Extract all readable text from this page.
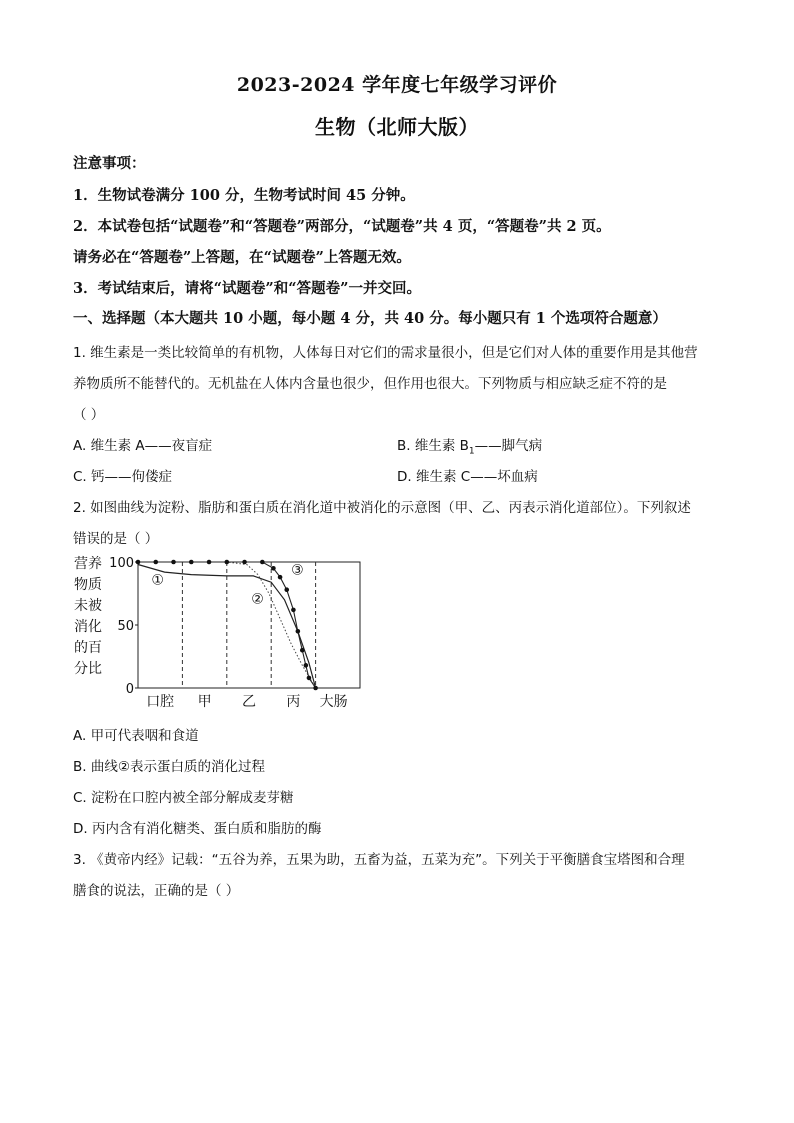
2023-2024 学年度七年级学习评价
生物（北师大版）
注意事项：
1．生物试卷满分 100 分，生物考试时间 45 分钟。
2．本试卷包括“试题卷”和“答题卷”两部分，“试题卷”共 4 页，“答题卷”共 2 页。
请务必在“答题卷”上答题，在“试题卷”上答题无效。
3．考试结束后，请将“试题卷”和“答题卷”一并交回。
一、选择题（本大题共 10 小题，每小题 4 分，共 40 分。每小题只有 1 个选项符合题意）
1. 维生素是一类比较简单的有机物，人体每日对它们的需求量很小，但是它们对人体的重要作用是其他营
养物质所不能替代的。无机盐在人体内含量也很少，但作用也很大。下列物质与相应缺乏症不符的是
（ ）
A. 维生素 A——夜盲症	B. 维生素 $B_1——$脚气病
C. 钙——佝偻症	D. 维生素 C——坏血病
2. 如图曲线为淀粉、脂肪和蛋白质在消化道中被消化的示意图（甲、乙、丙表示消化道部位）。下列叙述
错误的是（ ）
营养
物质
未被
消化
的百
分比
100
50
0
口腔 甲 乙 丙 大肠
①
②
③
A. 甲可代表咽和食道
B. 曲线②表示蛋白质的消化过程
C. 淀粉在口腔内被全部分解成麦芽糖
D. 丙内含有消化糖类、蛋白质和脂肪的酶
3. 《黄帝内经》记载：“五谷为养，五果为助，五畜为益，五菜为充”。下列关于平衡膳食宝塔图和合理
膳食的说法，正确的是（ ）
